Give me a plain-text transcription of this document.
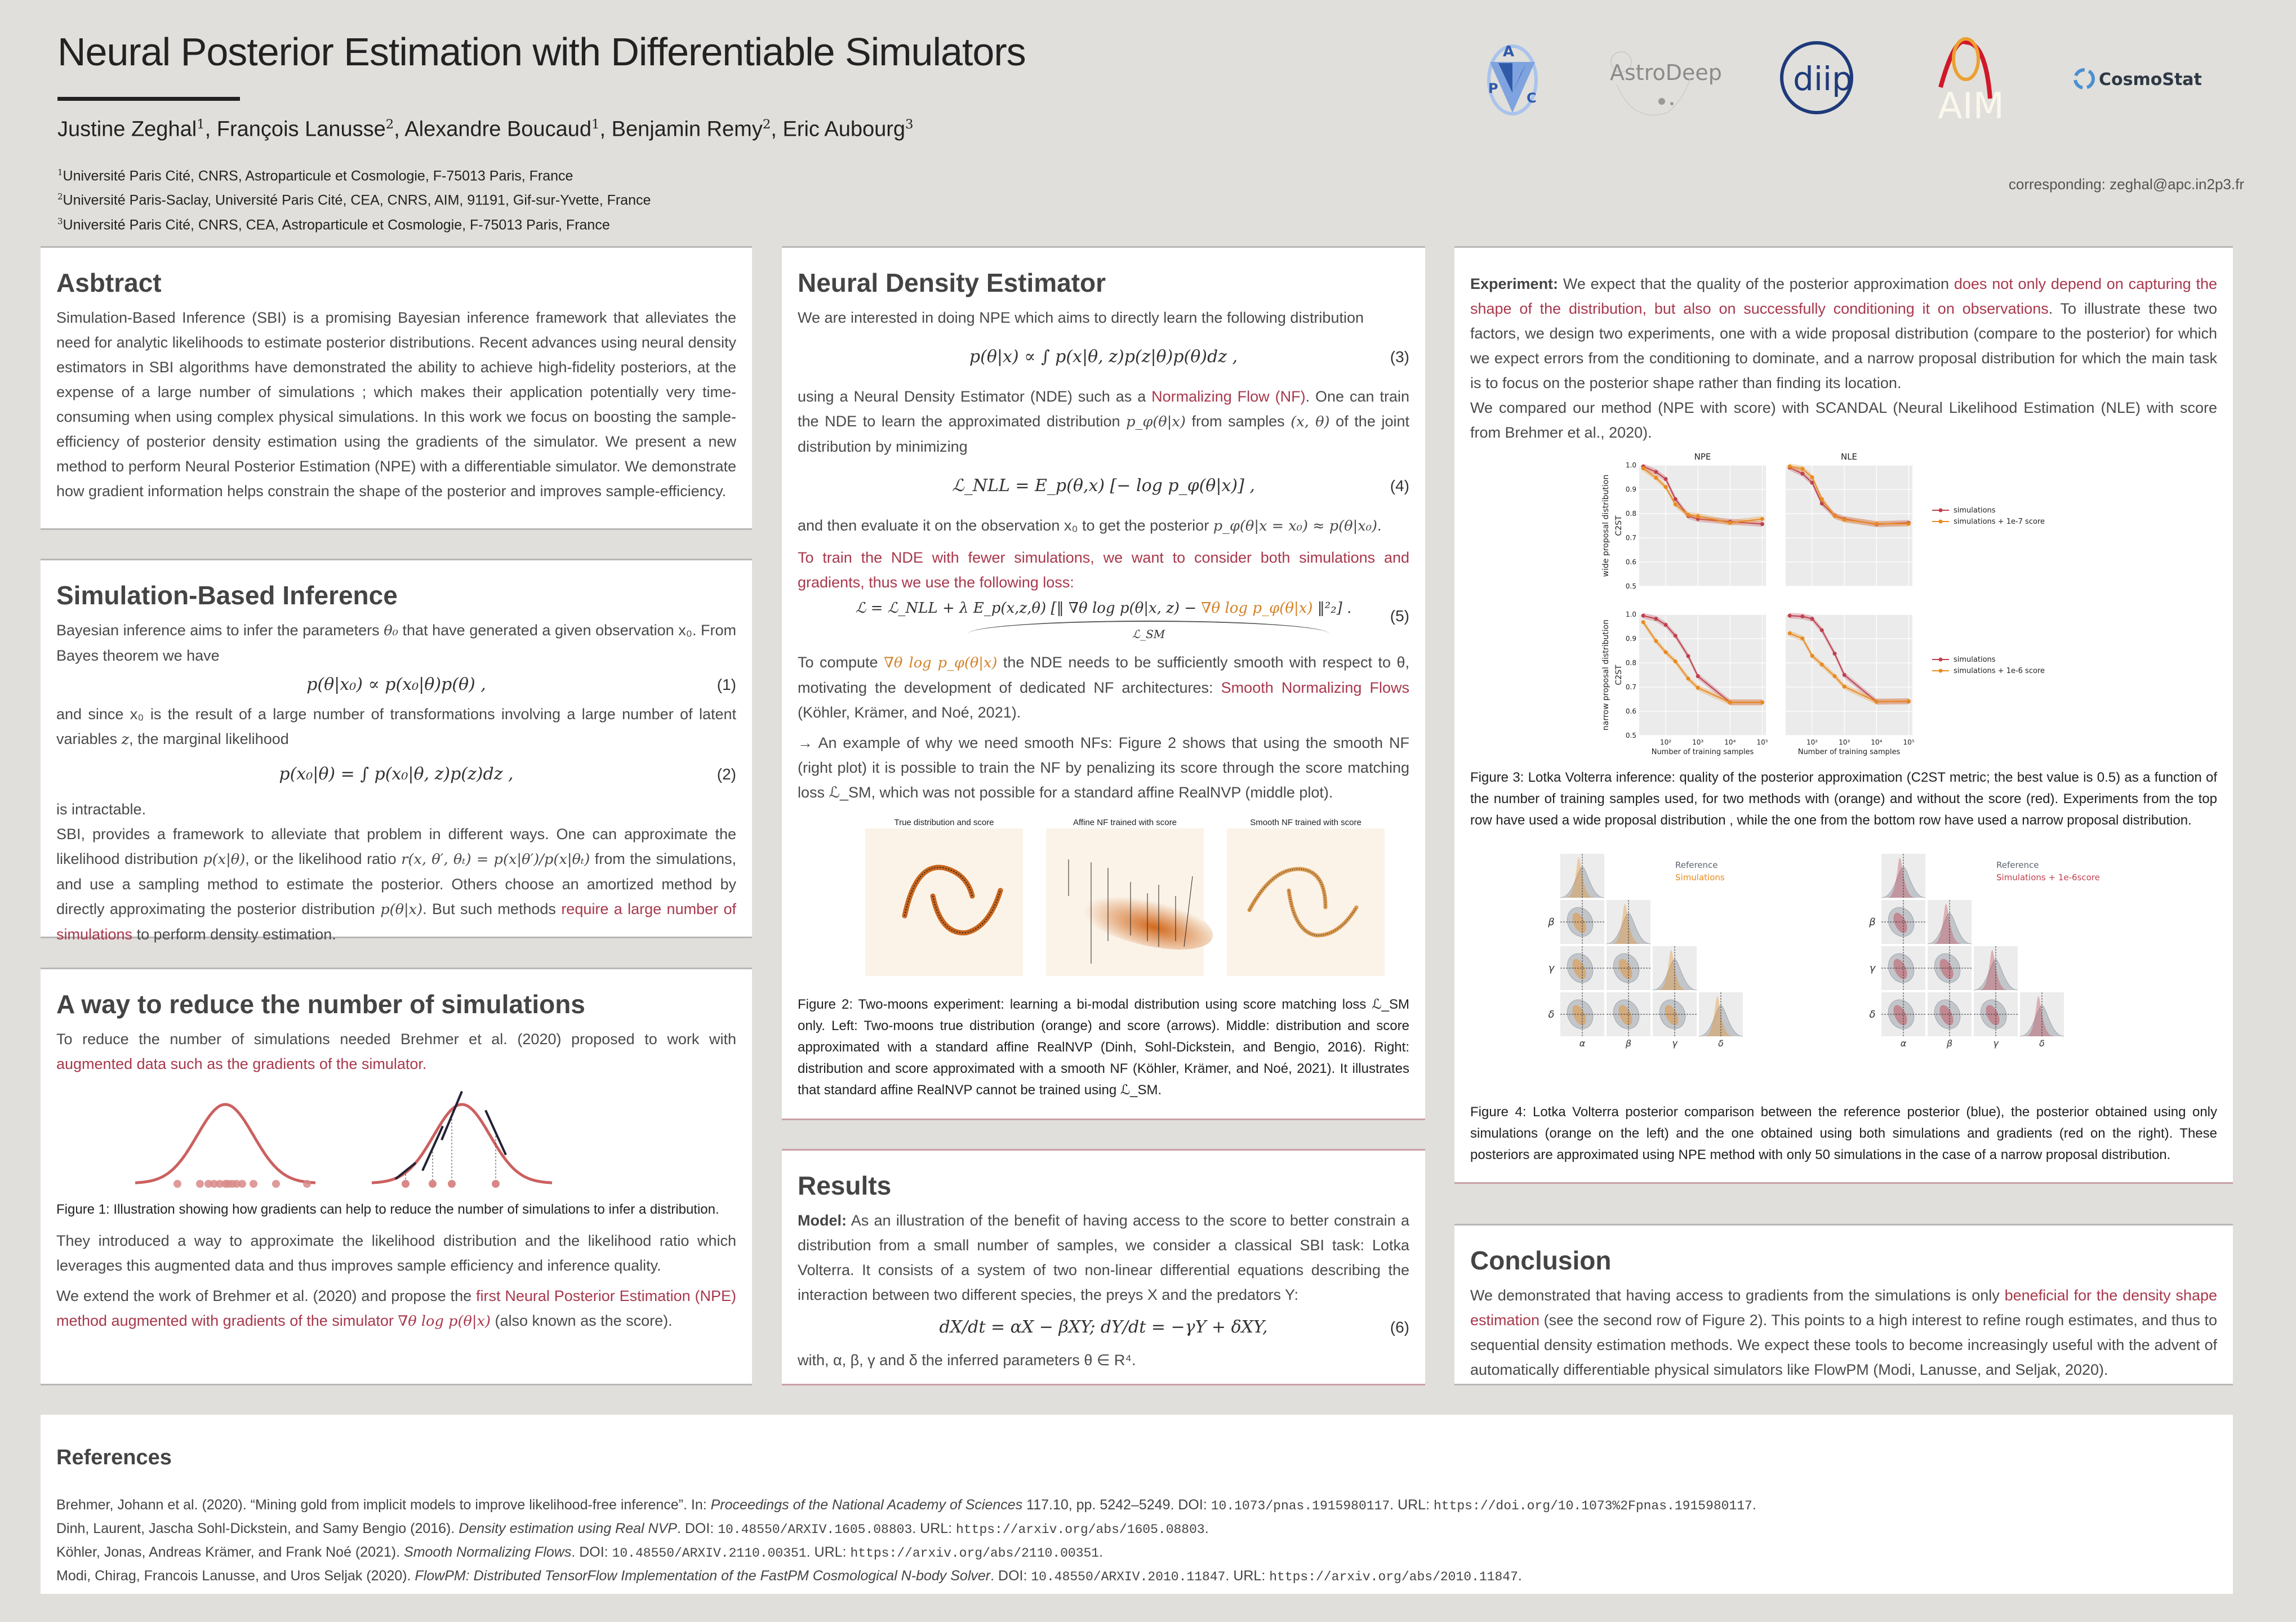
Neural Posterior Estimation with Differentiable Simulators
Justine Zeghal$^1$, François Lanusse$^2$, Alexandre Boucaud$^1$, Benjamin Remy$^2$, Eric Aubourg$^3$
$^1$Université Paris Cité, CNRS, Astroparticule et Cosmologie, F-75013 Paris, France
$^2$Université Paris-Saclay, Université Paris Cité, CEA, CNRS, AIM, 91191, Gif-sur-Yvette, France
$^3$Université Paris Cité, CNRS, CEA, Astroparticule et Cosmologie, F-75013 Paris, France
corresponding: zeghal@apc.in2p3.fr
A
P
C
AstroDeep diip
AIM
CosmoStat
Asbtract

Simulation-Based Inference (SBI) is a promising Bayesian inference framework that alleviates the need for analytic likelihoods to estimate posterior distributions. Recent advances using neural density estimators in SBI algorithms have demonstrated the ability to achieve high-fidelity posteriors, at the expense of a large number of simulations ; which makes their application potentially very time-consuming when using complex physical simulations. In this work we focus on boosting the sample-efficiency of posterior density estimation using the gradients of the simulator. We present a new method to perform Neural Posterior Estimation (NPE) with a differentiable simulator. We demonstrate how gradient information helps constrain the shape of the posterior and improves sample-efficiency.

Simulation-Based Inference

Bayesian inference aims to infer the parameters θ₀ that have generated a given observation x₀. From Bayes theorem we have

p(θ|x₀) ∝ p(x₀|θ)p(θ) ,	(1)

and since x₀ is the result of a large number of transformations involving a large number of latent variables z, the marginal likelihood

p(x₀|θ) = ∫ p(x₀|θ, z)p(z)dz ,	(2)

is intractable.

SBI, provides a framework to alleviate that problem in different ways. One can approximate the likelihood distribution p(x|θ), or the likelihood ratio r(x, θ′, θₜ) = p(x|θ′)/p(x|θₜ) from the simulations, and use a sampling method to estimate the posterior. Others choose an amortized method by directly approximating the posterior distribution p(θ|x). But such methods require a large number of simulations to perform density estimation.

A way to reduce the number of simulations

To reduce the number of simulations needed Brehmer et al. (2020) proposed to work with augmented data such as the gradients of the simulator.

Figure 1: Illustration showing how gradients can help to reduce the number of simulations to infer a distribution.

They introduced a way to approximate the likelihood distribution and the likelihood ratio which leverages this augmented data and thus improves sample efficiency and inference quality.

We extend the work of Brehmer et al. (2020) and propose the first Neural Posterior Estimation (NPE) method augmented with gradients of the simulator ∇θ log p(θ|x) (also known as the score).

Neural Density Estimator

We are interested in doing NPE which aims to directly learn the following distribution

p(θ|x) ∝ ∫ p(x|θ, z)p(z|θ)p(θ)dz ,	(3)

using a Neural Density Estimator (NDE) such as a Normalizing Flow (NF). One can train the NDE to learn the approximated distribution p_φ(θ|x) from samples (x, θ) of the joint distribution by minimizing

ℒ_NLL = E_p(θ,x) [− log p_φ(θ|x)] ,	(4)

and then evaluate it on the observation x₀ to get the posterior p_φ(θ|x = x₀) ≈ p(θ|x₀).

To train the NDE with fewer simulations, we want to consider both simulations and gradients, thus we use the following loss:

ℒ = ℒ_NLL + λ E_p(x,z,θ) [‖ ∇θ log p(θ|x, z) − ∇θ log p_φ(θ|x) ‖²₂] .
ℒ_SM
(5)

To compute ∇θ log p_φ(θ|x) the NDE needs to be sufficiently smooth with respect to θ, motivating the development of dedicated NF architectures: Smooth Normalizing Flows (Köhler, Krämer, and Noé, 2021).

→ An example of why we need smooth NFs: Figure 2 shows that using the smooth NF (right plot) it is possible to train the NF by penalizing its score through the score matching loss ℒ_SM, which was not possible for a standard affine RealNVP (middle plot).

True distribution and score	Affine NF trained with score	Smooth NF trained with score

Figure 2: Two-moons experiment: learning a bi-modal distribution using score matching loss ℒ_SM only. Left: Two-moons true distribution (orange) and score (arrows). Middle: distribution and score approximated with a standard affine RealNVP (Dinh, Sohl-Dickstein, and Bengio, 2016). Right: distribution and score approximated with a smooth NF (Köhler, Krämer, and Noé, 2021). It illustrates that standard affine RealNVP cannot be trained using ℒ_SM.

Results

Model: As an illustration of the benefit of having access to the score to better constrain a distribution from a small number of samples, we consider a classical SBI task: Lotka Volterra. It consists of a system of two non-linear differential equations describing the interaction between two different species, the preys X and the predators Y:

dX/dt = αX − βXY; dY/dt = −γY + δXY,	(6)

with, α, β, γ and δ the inferred parameters θ ∈ R⁴.

Experiment: We expect that the quality of the posterior approximation does not only depend on capturing the shape of the distribution, but also on successfully conditioning it on observations. To illustrate these two factors, we design two experiments, one with a wide proposal distribution (compare to the posterior) for which we expect errors from the conditioning to dominate, and a narrow proposal distribution for which the main task is to focus on the posterior shape rather than finding its location.

We compared our method (NPE with score) with SCANDAL (Neural Likelihood Estimation (NLE) with score from Brehmer et al., 2020).

NPE	NLE
wide proposal distribution C2ST
narrow proposal distribution C2ST
0.5
0.6
0.7
0.8
0.9
1.0
0.5
0.6
0.7
0.8
0.9
1.0
10²	10³	10⁴	10⁵
Number of training samples
10²	10³	10⁴	10⁵
Number of training samples
simulations
simulations + 1e-7 score
simulations
simulations + 1e-6 score

Figure 3: Lotka Volterra inference: quality of the posterior approximation (C2ST metric; the best value is 0.5) as a function of the number of training samples used, for two methods with (orange) and without the score (red). Experiments from the top row have used a wide proposal distribution , while the one from the bottom row have used a narrow proposal distribution.

α
β
β
γ
γ
δ
δ
Reference
Simulations
α
β
β
γ
γ
δ
δ
Reference
Simulations + 1e-6score

Figure 4: Lotka Volterra posterior comparison between the reference posterior (blue), the posterior obtained using only simulations (orange on the left) and the one obtained using both simulations and gradients (red on the right). These posteriors are approximated using NPE method with only 50 simulations in the case of a narrow proposal distribution.

Conclusion

We demonstrated that having access to gradients from the simulations is only beneficial for the density shape estimation (see the second row of Figure 2). This points to a high interest to refine rough estimates, and thus to sequential density estimation methods. We expect these tools to become increasingly useful with the advent of automatically differentiable physical simulators like FlowPM (Modi, Lanusse, and Seljak, 2020).

References
Brehmer, Johann et al. (2020). “Mining gold from implicit models to improve likelihood-free inference”. In: Proceedings of the National Academy of Sciences 117.10, pp. 5242–5249. DOI: 10.1073/pnas.1915980117. URL: https://doi.org/10.1073%2Fpnas.1915980117.
Dinh, Laurent, Jascha Sohl-Dickstein, and Samy Bengio (2016). Density estimation using Real NVP. DOI: 10.48550/ARXIV.1605.08803. URL: https://arxiv.org/abs/1605.08803.
Köhler, Jonas, Andreas Krämer, and Frank Noé (2021). Smooth Normalizing Flows. DOI: 10.48550/ARXIV.2110.00351. URL: https://arxiv.org/abs/2110.00351.
Modi, Chirag, Francois Lanusse, and Uros Seljak (2020). FlowPM: Distributed TensorFlow Implementation of the FastPM Cosmological N-body Solver. DOI: 10.48550/ARXIV.2010.11847. URL: https://arxiv.org/abs/2010.11847.
